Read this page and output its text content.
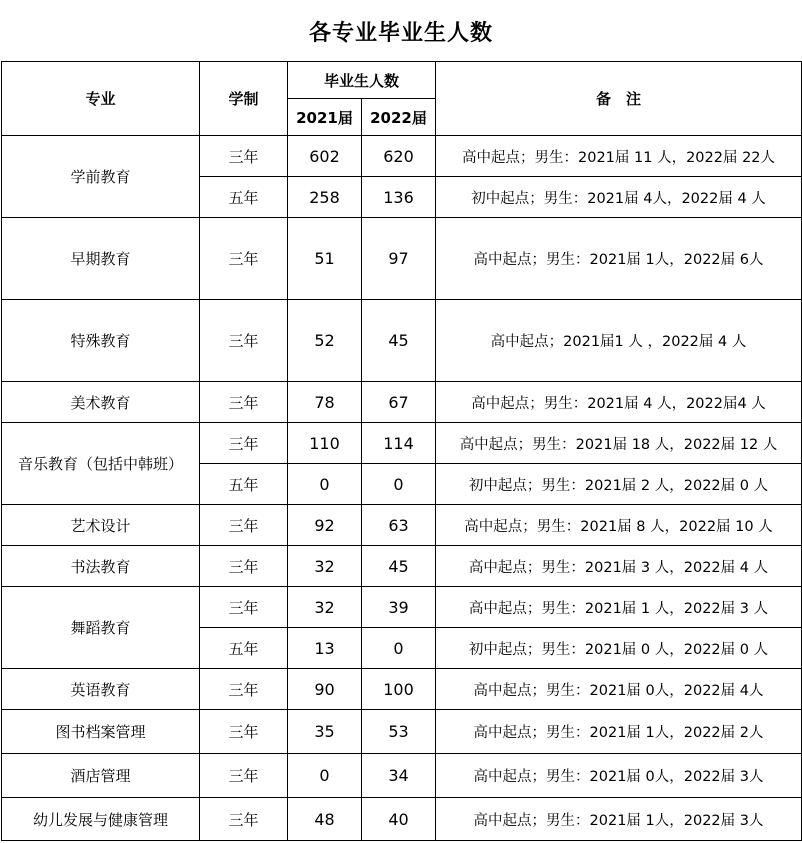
各专业毕业生人数
专业	学制	毕业生人数		备　注
		2021届	2022届	
学前教育	三年	602	620	高中起点；男生：2021届 11 人，2022届 22人
	五年	258	136	初中起点；男生：2021届 4人，2022届 4 人
早期教育	三年	51	97	高中起点；男生：2021届 1人，2022届 6人
特殊教育	三年	52	45	高中起点；2021届1 人 ，2022届 4 人
美术教育	三年	78	67	高中起点；男生：2021届 4 人，2022届4 人
音乐教育（包括中韩班）	三年	110	114	高中起点；男生：2021届 18 人，2022届 12 人
	五年	0	0	初中起点；男生：2021届 2 人，2022届 0 人
艺术设计	三年	92	63	高中起点；男生：2021届 8 人，2022届 10 人
书法教育	三年	32	45	高中起点；男生：2021届 3 人，2022届 4 人
舞蹈教育	三年	32	39	高中起点；男生：2021届 1 人，2022届 3 人
	五年	13	0	初中起点；男生：2021届 0 人，2022届 0 人
英语教育	三年	90	100	高中起点；男生：2021届 0人，2022届 4人
图书档案管理	三年	35	53	高中起点；男生：2021届 1人，2022届 2人
酒店管理	三年	0	34	高中起点；男生：2021届 0人，2022届 3人
幼儿发展与健康管理	三年	48	40	高中起点；男生：2021届 1人，2022届 3人
